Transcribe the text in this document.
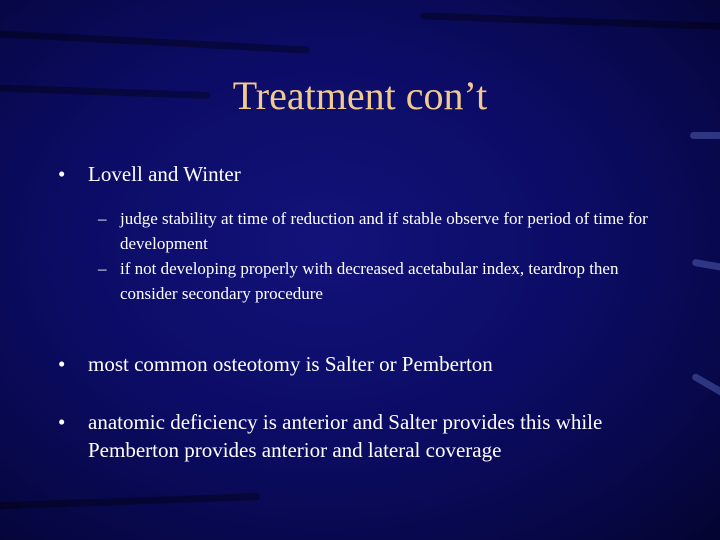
Treatment con’t
•	Lovell and Winter
– judge stability at time of reduction and if stable observe for period of time for development
– if not developing properly with decreased acetabular index, teardrop then consider secondary procedure
•	most common osteotomy is Salter or Pemberton
•	anatomic deficiency is anterior and Salter provides this while Pemberton provides anterior and lateral coverage
